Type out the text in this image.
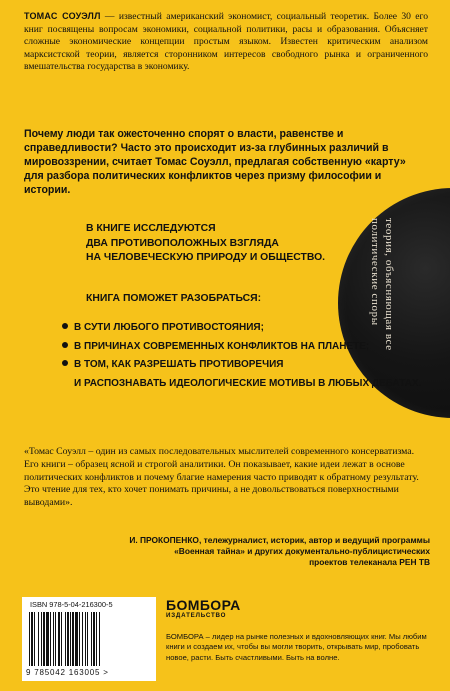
ТОМАС СОУЭЛЛ — известный американский экономист, социальный теоретик. Более 30 его книг посвящены вопросам экономики, социальной политики, расы и образования. Объясняет сложные экономические концепции простым языком. Известен критическим анализом марксистской теории, является сторонником интересов свободного рынка и ограниченного вмешательства государства в экономику.

Почему люди так ожесточенно спорят о власти, равенстве и справедливости? Часто это происходит из-за глубинных различий в мировоззрении, считает Томас Соуэлл, предлагая собственную «карту» для разбора политических конфликтов через призму философии и истории.

теория, объясняющая все политические споры
В КНИГЕ ИССЛЕДУЮТСЯ
ДВА ПРОТИВОПОЛОЖНЫХ ВЗГЛЯДА
НА ЧЕЛОВЕЧЕСКУЮ ПРИРОДУ И ОБЩЕСТВО.
КНИГА ПОМОЖЕТ РАЗОБРАТЬСЯ:
В СУТИ ЛЮБОГО ПРОТИВОСТОЯНИЯ;
В ПРИЧИНАХ СОВРЕМЕННЫХ КОНФЛИКТОВ НА ПЛАНЕТЕ;
В ТОМ, КАК РАЗРЕШАТЬ ПРОТИВОРЕЧИЯ
И РАСПОЗНАВАТЬ ИДЕОЛОГИЧЕСКИЕ МОТИВЫ В ЛЮБЫХ ДЕБАТАХ.

«Томас Соуэлл – один из самых последовательных мыслителей современного консерватизма. Его книги – образец ясной и строгой аналитики. Он показывает, какие идеи лежат в основе политических конфликтов и почему благие намерения часто приводят к обратному результату. Это чтение для тех, кто хочет понимать причины, а не довольствоваться поверхностными выводами».

И. ПРОКОПЕНКО, тележурналист, историк, автор и ведущий программы
«Военная тайна» и других документально-публицистических
проектов телеканала РЕН ТВ

ISBN 978-5-04-216300-5
9 785042 163005 >
БОМБОРА
ИЗДАТЕЛЬСТВО

БОМБОРА – лидер на рынке полезных и вдохновляющих книг. Мы любим книги и создаем их, чтобы вы могли творить, открывать мир, пробовать новое, расти. Быть счастливыми. Быть на волне.
